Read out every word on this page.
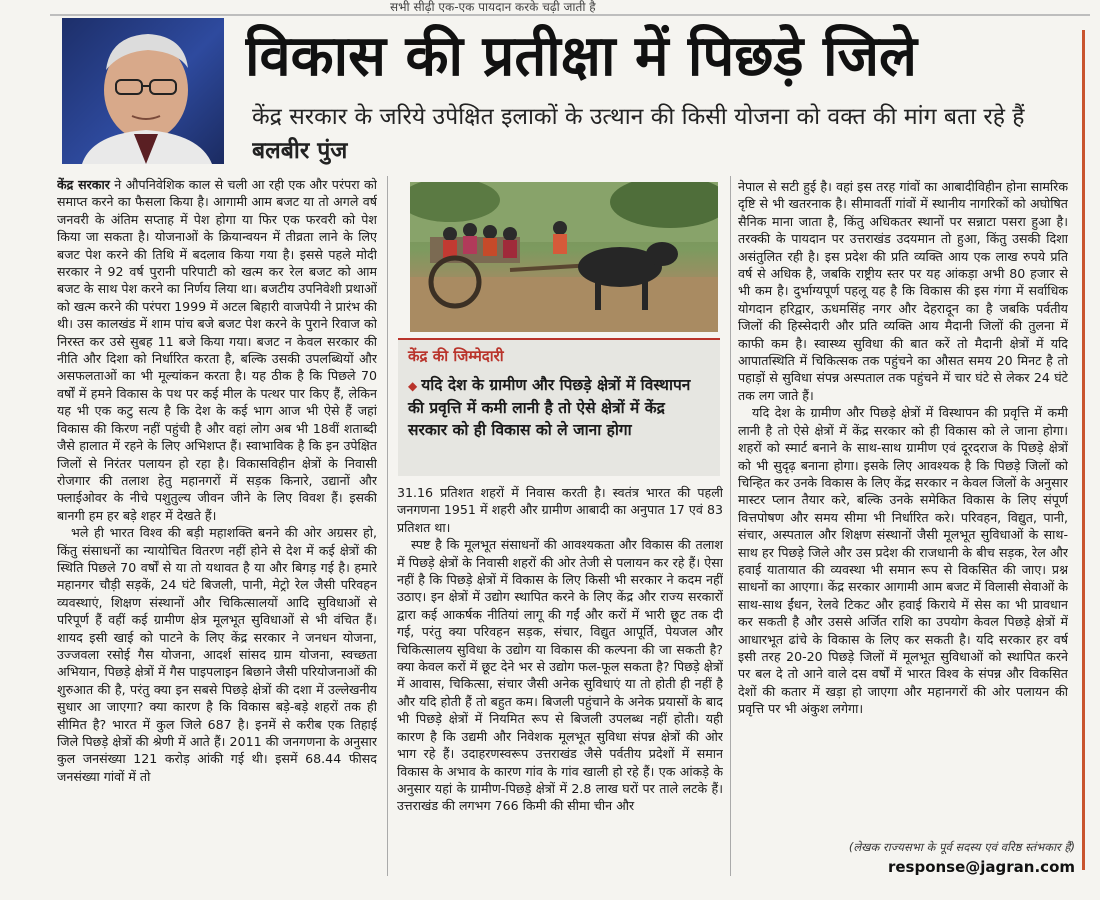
सभी सीढ़ी एक-एक पायदान करके चढ़ी जाती है
विकास की प्रतीक्षा में पिछड़े जिले
केंद्र सरकार के जरिये उपेक्षित इलाकों के उत्थान की किसी योजना को वक्त की मांग बता रहे हैं बलबीर पुंज

केंद्र सरकार ने औपनिवेशिक काल से चली आ रही एक और परंपरा को समाप्त करने का फैसला किया है। आगामी आम बजट या तो अगले वर्ष जनवरी के अंतिम सप्ताह में पेश होगा या फिर एक फरवरी को पेश किया जा सकता है। योजनाओं के क्रियान्वयन में तीव्रता लाने के लिए बजट पेश करने की तिथि में बदलाव किया गया है। इससे पहले मोदी सरकार ने 92 वर्ष पुरानी परिपाटी को खत्म कर रेल बजट को आम बजट के साथ पेश करने का निर्णय लिया था। बजटीय उपनिवेशी प्रथाओं को खत्म करने की परंपरा 1999 में अटल बिहारी वाजपेयी ने प्रारंभ की थी। उस कालखंड में शाम पांच बजे बजट पेश करने के पुराने रिवाज को निरस्त कर उसे सुबह 11 बजे किया गया। बजट न केवल सरकार की नीति और दिशा को निर्धारित करता है, बल्कि उसकी उपलब्धियों और असफलताओं का भी मूल्यांकन करता है। यह ठीक है कि पिछले 70 वर्षों में हमने विकास के पथ पर कई मील के पत्थर पार किए हैं, लेकिन यह भी एक कटु सत्य है कि देश के कई भाग आज भी ऐसे हैं जहां विकास की किरण नहीं पहुंची है और वहां लोग अब भी 18वीं शताब्दी जैसे हालात में रहने के लिए अभिशप्त हैं। स्वाभाविक है कि इन उपेक्षित जिलों से निरंतर पलायन हो रहा है। विकासविहीन क्षेत्रों के निवासी रोजगार की तलाश हेतु महानगरों में सड़क किनारे, उद्यानों और फ्लाईओवर के नीचे पशुतुल्य जीवन जीने के लिए विवश हैं। इसकी बानगी हम हर बड़े शहर में देखते हैं।

भले ही भारत विश्व की बड़ी महाशक्ति बनने की ओर अग्रसर हो, किंतु संसाधनों का न्यायोचित वितरण नहीं होने से देश में कई क्षेत्रों की स्थिति पिछले 70 वर्षों से या तो यथावत है या और बिगड़ गई है। हमारे महानगर चौड़ी सड़कें, 24 घंटे बिजली, पानी, मेट्रो रेल जैसी परिवहन व्यवस्थाएं, शिक्षण संस्थानों और चिकित्सालयों आदि सुविधाओं से परिपूर्ण हैं वहीं कई ग्रामीण क्षेत्र मूलभूत सुविधाओं से भी वंचित हैं। शायद इसी खाई को पाटने के लिए केंद्र सरकार ने जनधन योजना, उज्जवला रसोई गैस योजना, आदर्श सांसद ग्राम योजना, स्वच्छता अभियान, पिछड़े क्षेत्रों में गैस पाइपलाइन बिछाने जैसी परियोजनाओं की शुरुआत की है, परंतु क्या इन सबसे पिछड़े क्षेत्रों की दशा में उल्लेखनीय सुधार आ जाएगा? क्या कारण है कि विकास बड़े-बड़े शहरों तक ही सीमित है? भारत में कुल जिले 687 है। इनमें से करीब एक तिहाई जिले पिछड़े क्षेत्रों की श्रेणी में आते हैं। 2011 की जनगणना के अनुसार कुल जनसंख्या 121 करोड़ आंकी गई थी। इसमें 68.44 फीसद जनसंख्या गांवों में तो

केंद्र की जिम्मेदारी
◆ यदि देश के ग्रामीण और पिछड़े क्षेत्रों में विस्थापन की प्रवृत्ति में कमी लानी है तो ऐसे क्षेत्रों में केंद्र सरकार को ही विकास को ले जाना होगा

31.16 प्रतिशत शहरों में निवास करती है। स्वतंत्र भारत की पहली जनगणना 1951 में शहरी और ग्रामीण आबादी का अनुपात 17 एवं 83 प्रतिशत था।

स्पष्ट है कि मूलभूत संसाधनों की आवश्यकता और विकास की तलाश में पिछड़े क्षेत्रों के निवासी शहरों की ओर तेजी से पलायन कर रहे हैं। ऐसा नहीं है कि पिछड़े क्षेत्रों में विकास के लिए किसी भी सरकार ने कदम नहीं उठाए। इन क्षेत्रों में उद्योग स्थापित करने के लिए केंद्र और राज्य सरकारों द्वारा कई आकर्षक नीतियां लागू की गईं और करों में भारी छूट तक दी गई, परंतु क्या परिवहन सड़क, संचार, विद्युत आपूर्ति, पेयजल और चिकित्सालय सुविधा के उद्योग या विकास की कल्पना की जा सकती है? क्या केवल करों में छूट देने भर से उद्योग फल-फूल सकता है? पिछड़े क्षेत्रों में आवास, चिकित्सा, संचार जैसी अनेक सुविधाएं या तो होती ही नहीं है और यदि होती हैं तो बहुत कम। बिजली पहुंचाने के अनेक प्रयासों के बाद भी पिछड़े क्षेत्रों में नियमित रूप से बिजली उपलब्ध नहीं होती। यही कारण है कि उद्यमी और निवेशक मूलभूत सुविधा संपन्न क्षेत्रों की ओर भाग रहे हैं। उदाहरणस्वरूप उत्तराखंड जैसे पर्वतीय प्रदेशों में समान विकास के अभाव के कारण गांव के गांव खाली हो रहे हैं। एक आंकड़े के अनुसार यहां के ग्रामीण-पिछड़े क्षेत्रों में 2.8 लाख घरों पर ताले लटके हैं। उत्तराखंड की लगभग 766 किमी की सीमा चीन और

नेपाल से सटी हुई है। वहां इस तरह गांवों का आबादीविहीन होना सामरिक दृष्टि से भी खतरनाक है। सीमावर्ती गांवों में स्थानीय नागरिकों को अघोषित सैनिक माना जाता है, किंतु अधिकतर स्थानों पर सन्नाटा पसरा हुआ है। तरक्की के पायदान पर उत्तराखंड उदयमान तो हुआ, किंतु उसकी दिशा असंतुलित रही है। इस प्रदेश की प्रति व्यक्ति आय एक लाख रुपये प्रति वर्ष से अधिक है, जबकि राष्ट्रीय स्तर पर यह आंकड़ा अभी 80 हजार से भी कम है। दुर्भाग्यपूर्ण पहलू यह है कि विकास की इस गंगा में सर्वाधिक योगदान हरिद्वार, ऊधमसिंह नगर और देहरादून का है जबकि पर्वतीय जिलों की हिस्सेदारी और प्रति व्यक्ति आय मैदानी जिलों की तुलना में काफी कम है। स्वास्थ्य सुविधा की बात करें तो मैदानी क्षेत्रों में यदि आपातस्थिति में चिकित्सक तक पहुंचने का औसत समय 20 मिनट है तो पहाड़ों से सुविधा संपन्न अस्पताल तक पहुंचने में चार घंटे से लेकर 24 घंटे तक लग जाते हैं।

यदि देश के ग्रामीण और पिछड़े क्षेत्रों में विस्थापन की प्रवृत्ति में कमी लानी है तो ऐसे क्षेत्रों में केंद्र सरकार को ही विकास को ले जाना होगा। शहरों को स्मार्ट बनाने के साथ-साथ ग्रामीण एवं दूरदराज के पिछड़े क्षेत्रों को भी सुदृढ़ बनाना होगा। इसके लिए आवश्यक है कि पिछड़े जिलों को चिन्हित कर उनके विकास के लिए केंद्र सरकार न केवल जिलों के अनुसार मास्टर प्लान तैयार करे, बल्कि उनके समेकित विकास के लिए संपूर्ण वित्तपोषण और समय सीमा भी निर्धारित करे। परिवहन, विद्युत, पानी, संचार, अस्पताल और शिक्षण संस्थानों जैसी मूलभूत सुविधाओं के साथ-साथ हर पिछड़े जिले और उस प्रदेश की राजधानी के बीच सड़क, रेल और हवाई यातायात की व्यवस्था भी समान रूप से विकसित की जाए। प्रश्न साधनों का आएगा। केंद्र सरकार आगामी आम बजट में विलासी सेवाओं के साथ-साथ ईंधन, रेलवे टिकट और हवाई किराये में सेस का भी प्रावधान कर सकती है और उससे अर्जित राशि का उपयोग केवल पिछड़े क्षेत्रों में आधारभूत ढांचे के विकास के लिए कर सकती है। यदि सरकार हर वर्ष इसी तरह 20-20 पिछड़े जिलों में मूलभूत सुविधाओं को स्थापित करने पर बल दे तो आने वाले दस वर्षों में भारत विश्व के संपन्न और विकसित देशों की कतार में खड़ा हो जाएगा और महानगरों की ओर पलायन की प्रवृत्ति पर भी अंकुश लगेगा।

(लेखक राज्यसभा के पूर्व सदस्य एवं वरिष्ठ स्तंभकार हैं)
response@jagran.com
